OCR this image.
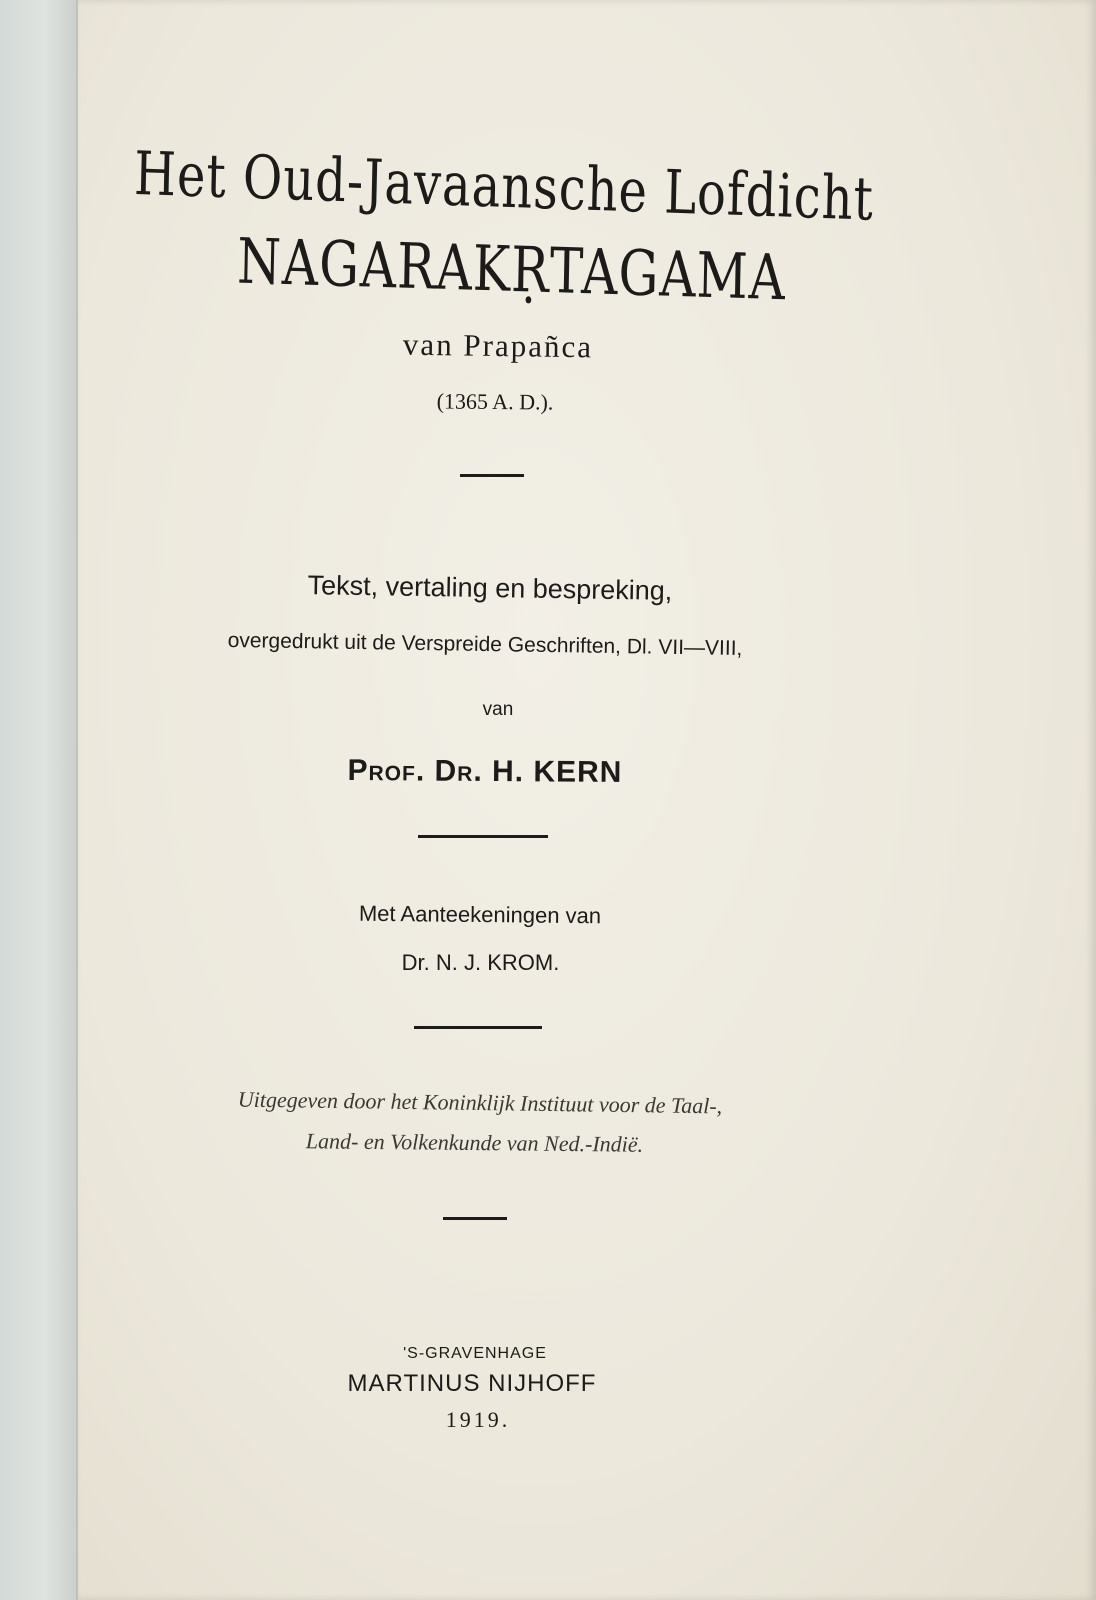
Het Oud-Javaansche Lofdicht
NAGARAKṚTAGAMA
van Prapañca
(1365 A. D.).
Tekst, vertaling en bespreking,
overgedrukt uit de Verspreide Geschriften, Dl. VII—VIII,
van
Prof. Dr. H. KERN
Met Aanteekeningen van
Dr. N. J. KROM.
Uitgegeven door het Koninklijk Instituut voor de Taal-,
Land- en Volkenkunde van Ned.-Indië.
'S-GRAVENHAGE
MARTINUS NIJHOFF
1919.
